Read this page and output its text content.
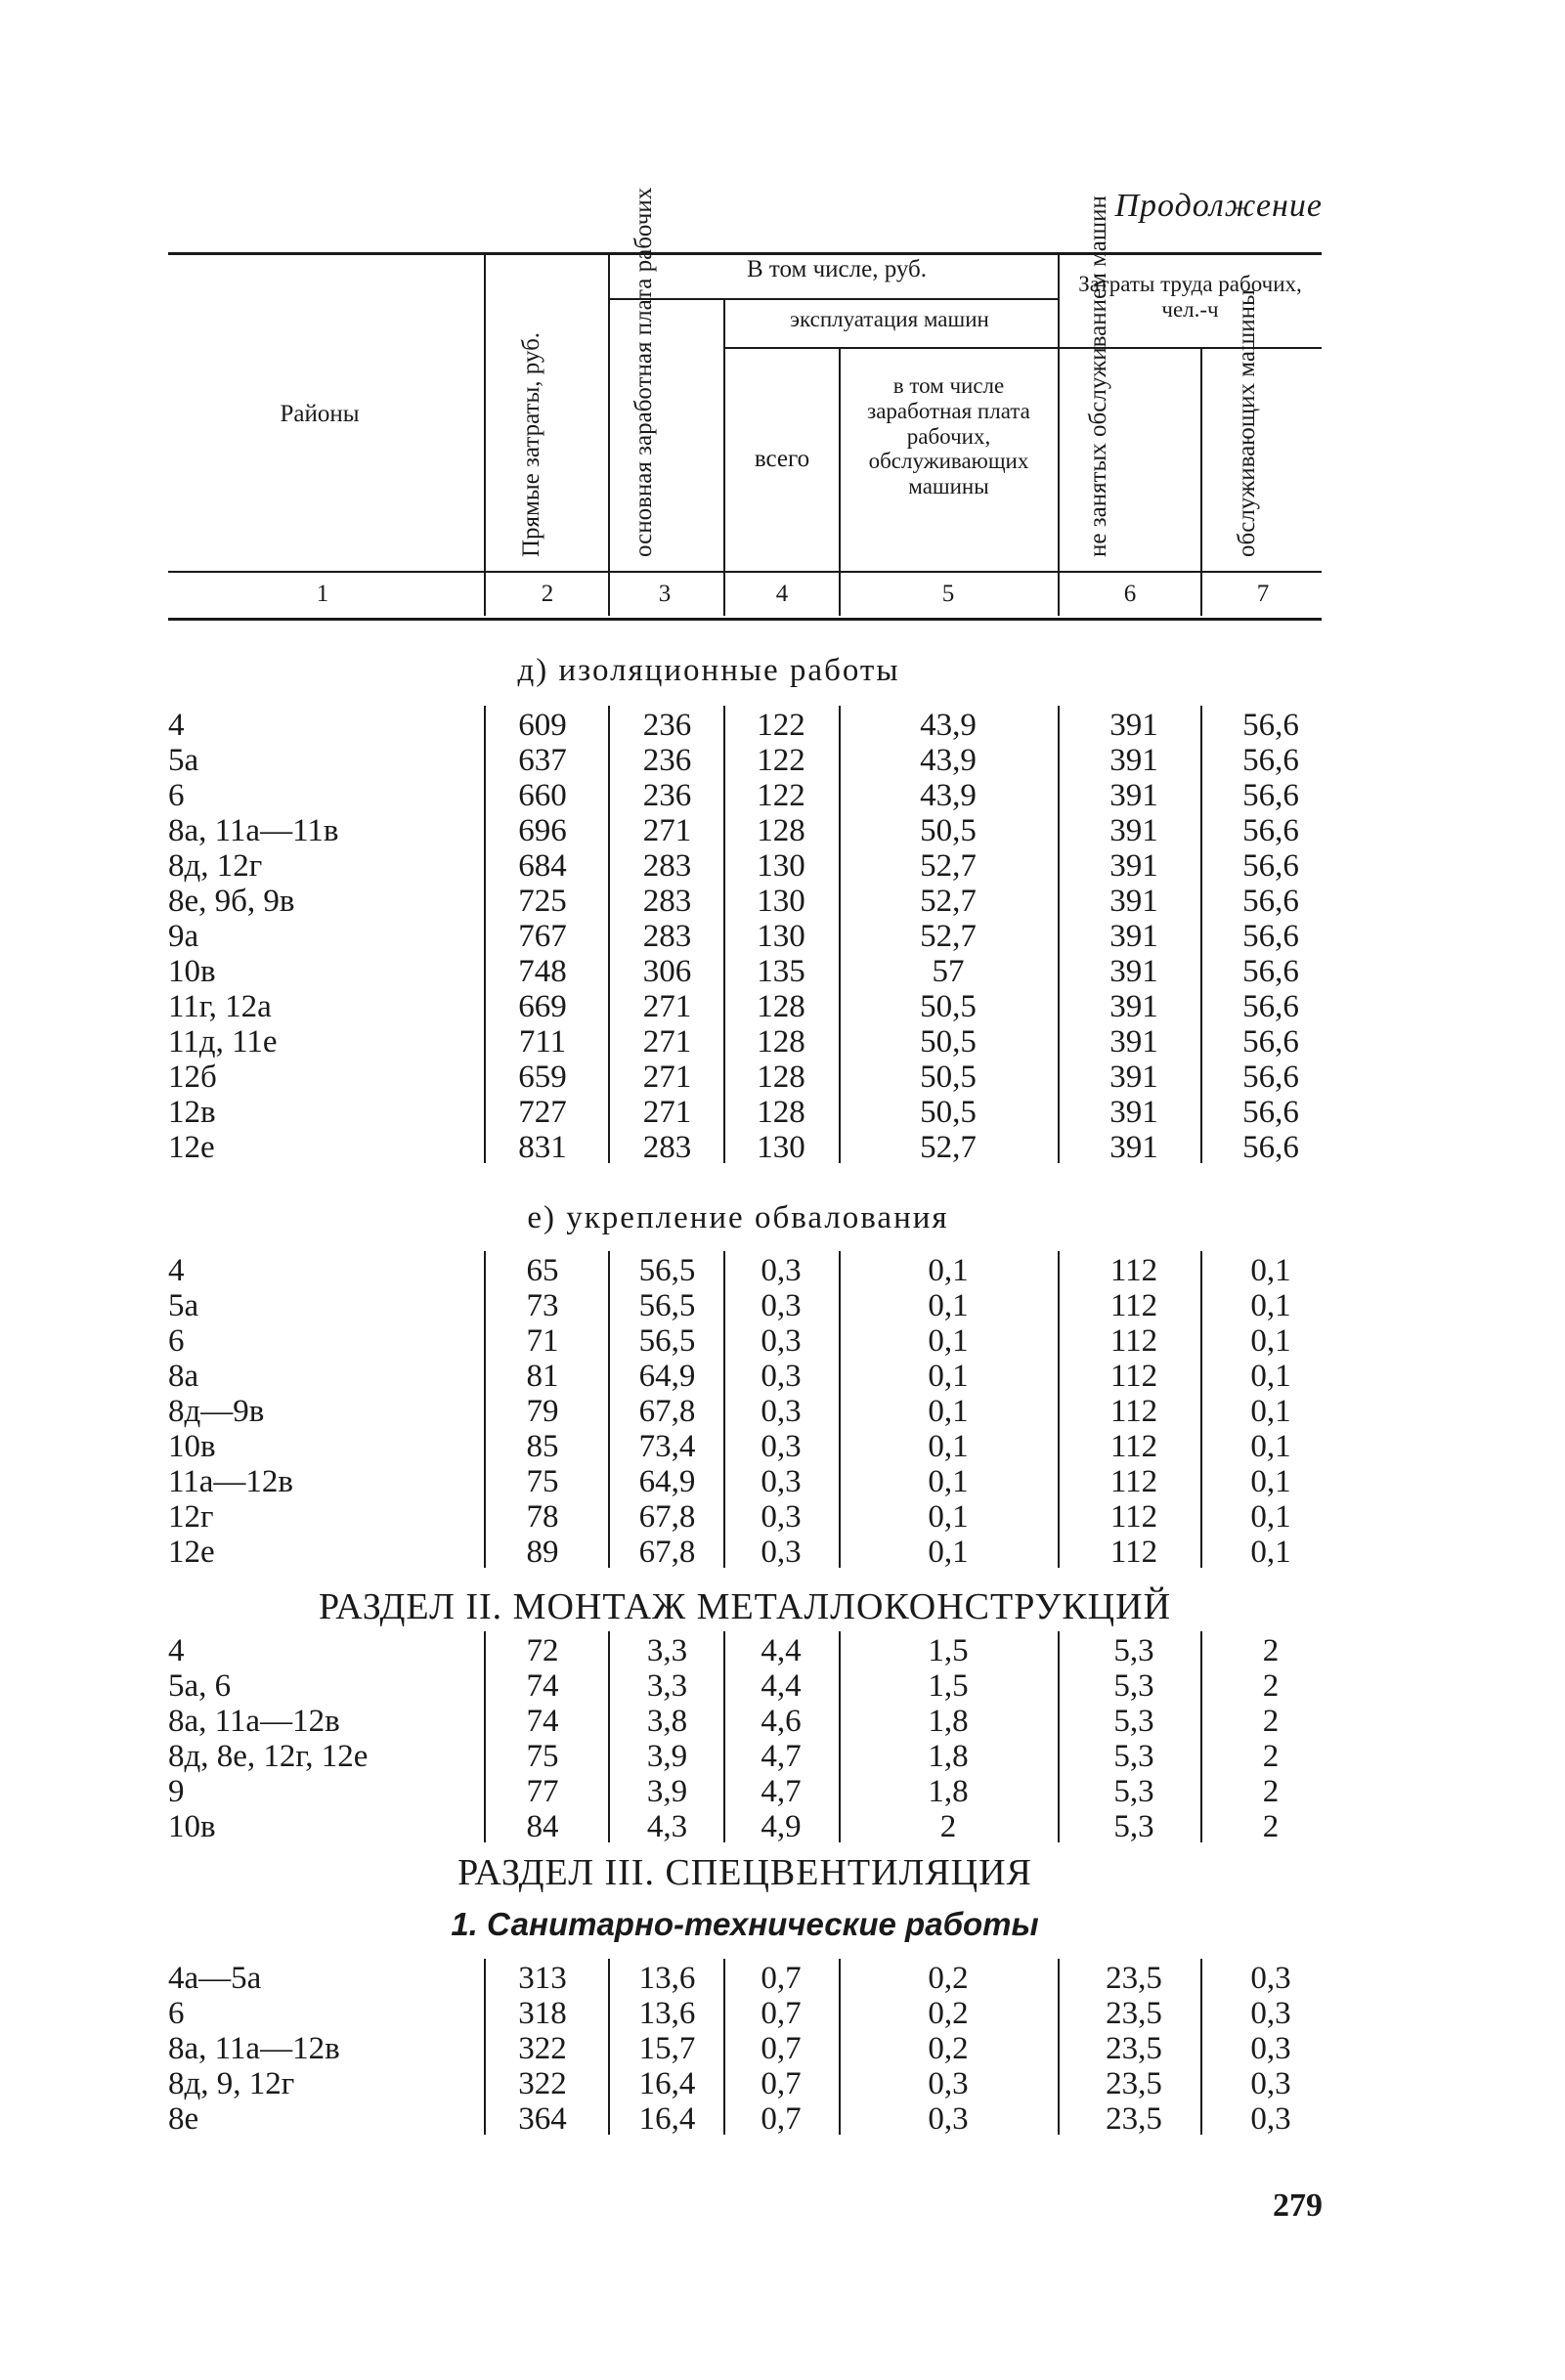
Продолжение
Районы	Прямые затраты, руб.
В том числе, руб.
основная заработная плата рабочих	эксплуатация машин
всего
в том числе заработная плата рабочих, обслуживающих машины
Затраты труда рабочих, чел.-ч
не занятых обслуживанием машин	обслуживающих машины
1	2	3	4	5	6	7
д) изоляционные работы
4	609	236	122	43,9	391	56,6
5а	637	236	122	43,9	391	56,6
6	660	236	122	43,9	391	56,6
8а, 11а—11в	696	271	128	50,5	391	56,6
8д, 12г	684	283	130	52,7	391	56,6
8е, 9б, 9в	725	283	130	52,7	391	56,6
9а	767	283	130	52,7	391	56,6
10в	748	306	135	57	391	56,6
11г, 12а	669	271	128	50,5	391	56,6
11д, 11е	711	271	128	50,5	391	56,6
12б	659	271	128	50,5	391	56,6
12в	727	271	128	50,5	391	56,6
12е	831	283	130	52,7	391	56,6
е) укрепление обвалования
4	65	56,5	0,3	0,1	112	0,1
5а	73	56,5	0,3	0,1	112	0,1
6	71	56,5	0,3	0,1	112	0,1
8а	81	64,9	0,3	0,1	112	0,1
8д—9в	79	67,8	0,3	0,1	112	0,1
10в	85	73,4	0,3	0,1	112	0,1
11а—12в	75	64,9	0,3	0,1	112	0,1
12г	78	67,8	0,3	0,1	112	0,1
12е	89	67,8	0,3	0,1	112	0,1
РАЗДЕЛ II. МОНТАЖ МЕТАЛЛОКОНСТРУКЦИЙ
4	72	3,3	4,4	1,5	5,3	2
5а, 6	74	3,3	4,4	1,5	5,3	2
8а, 11а—12в	74	3,8	4,6	1,8	5,3	2
8д, 8е, 12г, 12е	75	3,9	4,7	1,8	5,3	2
9	77	3,9	4,7	1,8	5,3	2
10в	84	4,3	4,9	2	5,3	2
РАЗДЕЛ III. СПЕЦВЕНТИЛЯЦИЯ
1. Санитарно-технические работы
4а—5а	313	13,6	0,7	0,2	23,5	0,3
6	318	13,6	0,7	0,2	23,5	0,3
8а, 11а—12в	322	15,7	0,7	0,2	23,5	0,3
8д, 9, 12г	322	16,4	0,7	0,3	23,5	0,3
8е	364	16,4	0,7	0,3	23,5	0,3
279
